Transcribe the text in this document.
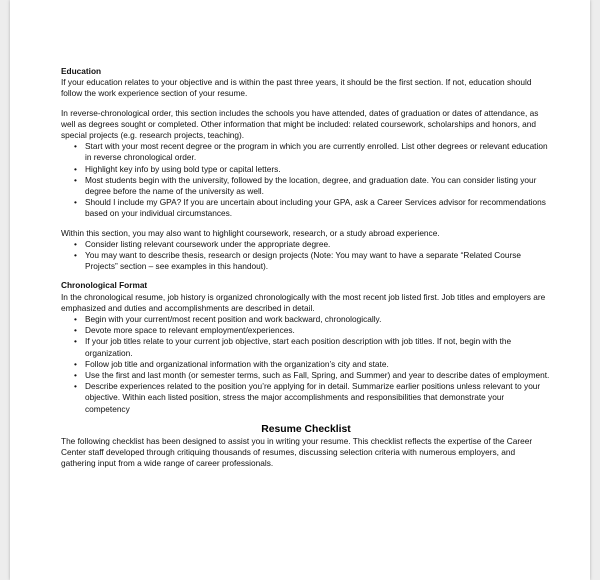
Education

If your education relates to your objective and is within the past three years, it should be the first section. If not, education should follow the work experience section of your resume.

In reverse-chronological order, this section includes the schools you have attended, dates of graduation or dates of attendance, as well as degrees sought or completed. Other information that might be included: related coursework, scholarships and honors, and special projects (e.g. research projects, teaching).

• Start with your most recent degree or the program in which you are currently enrolled. List other degrees or relevant education in reverse chronological order.
• Highlight key info by using bold type or capital letters.
• Most students begin with the university, followed by the location, degree, and graduation date. You can consider listing your degree before the name of the university as well.
• Should I include my GPA? If you are uncertain about including your GPA, ask a Career Services advisor for recommendations based on your individual circumstances.

Within this section, you may also want to highlight coursework, research, or a study abroad experience.

• Consider listing relevant coursework under the appropriate degree.
• You may want to describe thesis, research or design projects (Note: You may want to have a separate “Related Course Projects” section – see examples in this handout).

Chronological Format

In the chronological resume, job history is organized chronologically with the most recent job listed first. Job titles and employers are emphasized and duties and accomplishments are described in detail.

• Begin with your current/most recent position and work backward, chronologically.
• Devote more space to relevant employment/experiences.
• If your job titles relate to your current job objective, start each position description with job titles. If not, begin with the organization.
• Follow job title and organizational information with the organization’s city and state.
• Use the first and last month (or semester terms, such as Fall, Spring, and Summer) and year to describe dates of employment.
• Describe experiences related to the position you’re applying for in detail. Summarize earlier positions unless relevant to your objective. Within each listed position, stress the major accomplishments and responsibilities that demonstrate your competency

Resume Checklist

The following checklist has been designed to assist you in writing your resume. This checklist reflects the expertise of the Career Center staff developed through critiquing thousands of resumes, discussing selection criteria with numerous employers, and gathering input from a wide range of career professionals.
